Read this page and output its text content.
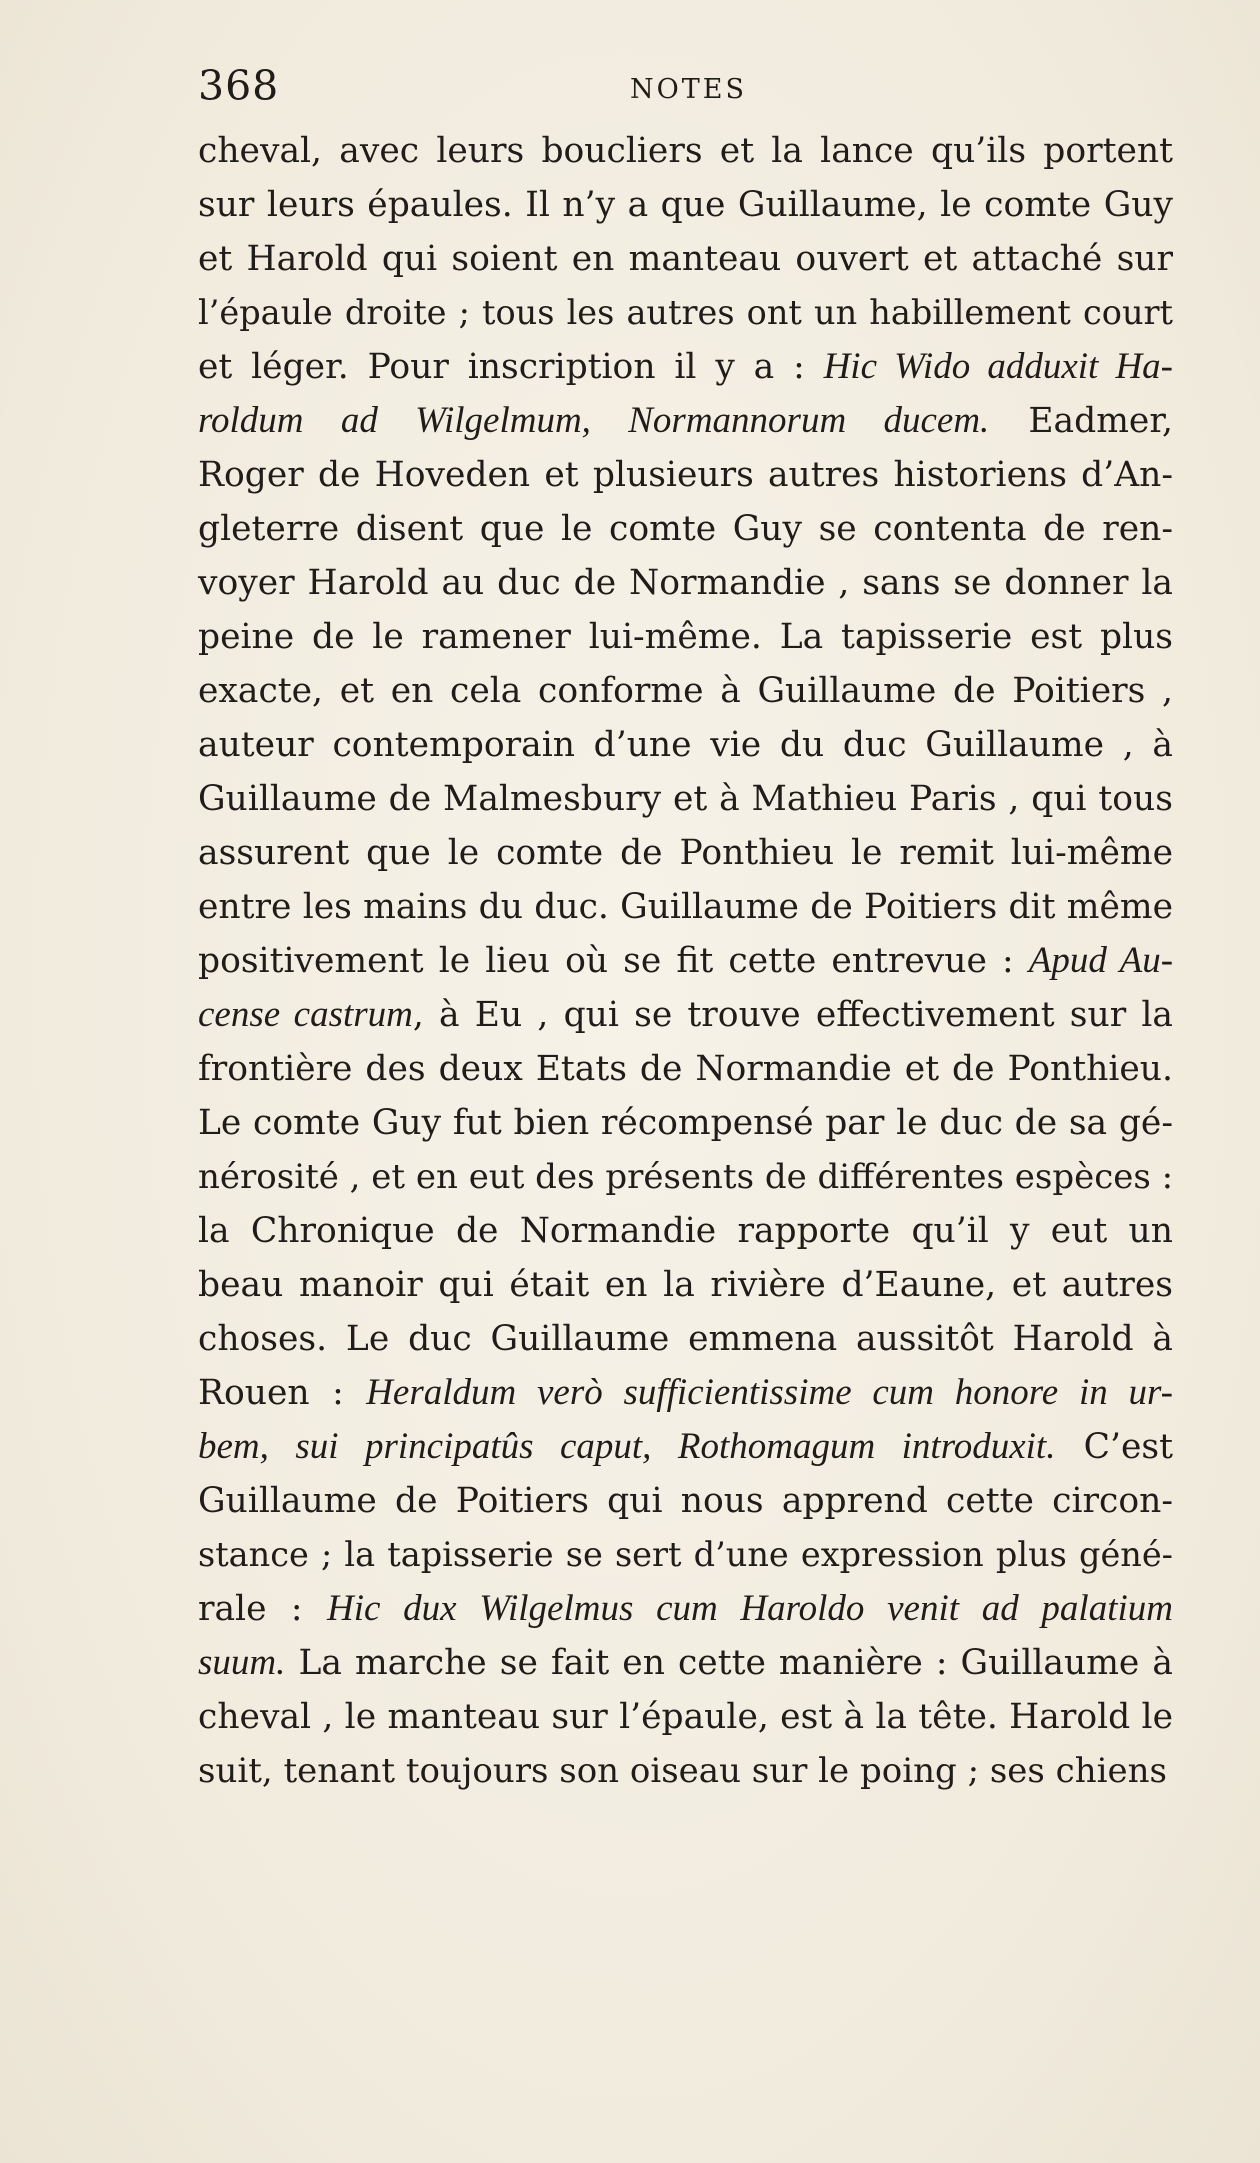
368	NOTES
cheval, avec leurs boucliers et la lance qu’ils portent
sur leurs épaules. Il n’y a que Guillaume, le comte Guy
et Harold qui soient en manteau ouvert et attaché sur
l’épaule droite ; tous les autres ont un habillement court
et léger. Pour inscription il y a : Hic Wido adduxit Ha-
roldum ad Wilgelmum, Normannorum ducem. Eadmer,
Roger de Hoveden et plusieurs autres historiens d’An-
gleterre disent que le comte Guy se contenta de ren-
voyer Harold au duc de Normandie , sans se donner la
peine de le ramener lui-même. La tapisserie est plus
exacte, et en cela conforme à Guillaume de Poitiers ,
auteur contemporain d’une vie du duc Guillaume , à
Guillaume de Malmesbury et à Mathieu Paris , qui tous
assurent que le comte de Ponthieu le remit lui-même
entre les mains du duc. Guillaume de Poitiers dit même
positivement le lieu où se fit cette entrevue : Apud Au-
cense castrum, à Eu , qui se trouve effectivement sur la
frontière des deux Etats de Normandie et de Ponthieu.
Le comte Guy fut bien récompensé par le duc de sa gé-
nérosité , et en eut des présents de différentes espèces :
la Chronique de Normandie rapporte qu’il y eut un
beau manoir qui était en la rivière d’Eaune, et autres
choses. Le duc Guillaume emmena aussitôt Harold à
Rouen : Heraldum verò sufficientissime cum honore in ur-
bem, sui principatûs caput, Rothomagum introduxit. C’est
Guillaume de Poitiers qui nous apprend cette circon-
stance ; la tapisserie se sert d’une expression plus géné-
rale : Hic dux Wilgelmus cum Haroldo venit ad palatium
suum. La marche se fait en cette manière : Guillaume à
cheval , le manteau sur l’épaule, est à la tête. Harold le
suit, tenant toujours son oiseau sur le poing ; ses chiens
